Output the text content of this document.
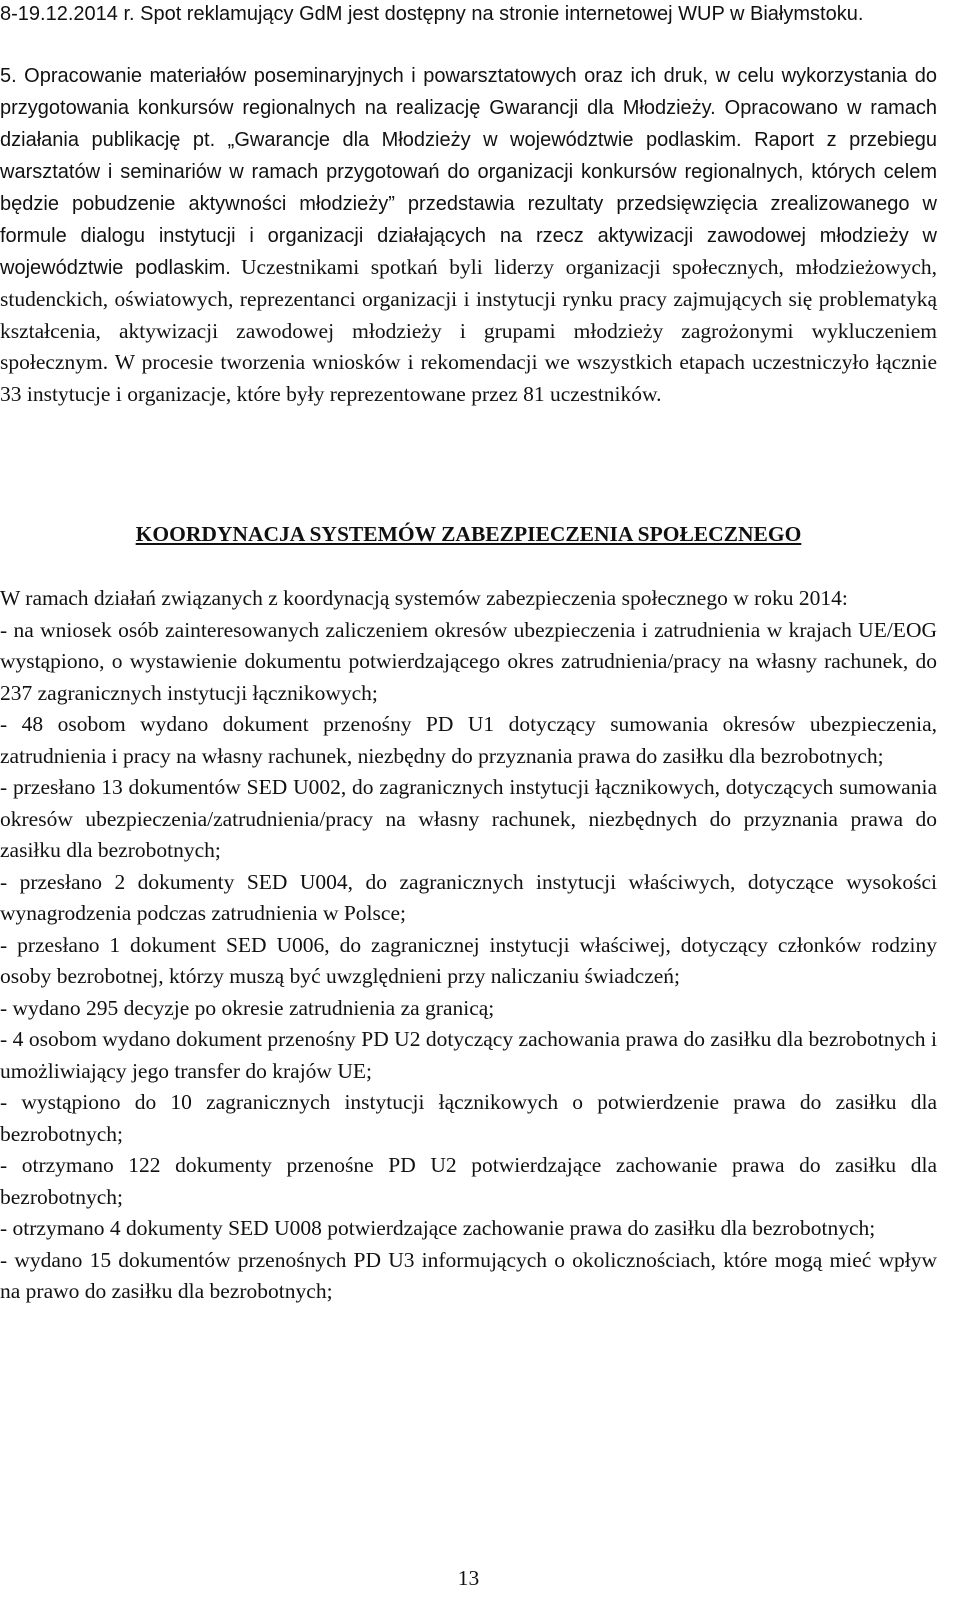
8-19.12.2014 r. Spot reklamujący GdM jest dostępny na stronie internetowej WUP w Białymstoku.

5. Opracowanie materiałów poseminaryjnych i powarsztatowych oraz ich druk, w celu wykorzystania do przygotowania konkursów regionalnych na realizację Gwarancji dla Młodzieży. Opracowano w ramach działania publikację pt. „Gwarancje dla Młodzieży w województwie podlaskim. Raport z przebiegu warsztatów i seminariów w ramach przygotowań do organizacji konkursów regionalnych, których celem będzie pobudzenie aktywności młodzieży” przedstawia rezultaty przedsięwzięcia zrealizowanego w formule dialogu instytucji i organizacji działających na rzecz aktywizacji zawodowej młodzieży w województwie podlaskim. Uczestnikami spotkań byli liderzy organizacji społecznych, młodzieżowych, studenckich, oświatowych, reprezentanci organizacji i instytucji rynku pracy zajmujących się problematyką kształcenia, aktywizacji zawodowej młodzieży i grupami młodzieży zagrożonymi wykluczeniem społecznym. W procesie tworzenia wniosków i rekomendacji we wszystkich etapach uczestniczyło łącznie 33 instytucje i organizacje, które były reprezentowane przez 81 uczestników.

KOORDYNACJA SYSTEMÓW ZABEZPIECZENIA SPOŁECZNEGO

W ramach działań związanych z koordynacją systemów zabezpieczenia społecznego w roku 2014:

- na wniosek osób zainteresowanych zaliczeniem okresów ubezpieczenia i zatrudnienia w krajach UE/EOG wystąpiono, o wystawienie dokumentu potwierdzającego okres zatrudnienia/pracy na własny rachunek, do 237 zagranicznych instytucji łącznikowych;

- 48 osobom wydano dokument przenośny PD U1 dotyczący sumowania okresów ubezpieczenia, zatrudnienia i pracy na własny rachunek, niezbędny do przyznania prawa do zasiłku dla bezrobotnych;

- przesłano 13 dokumentów SED U002, do zagranicznych instytucji łącznikowych, dotyczących sumowania okresów ubezpieczenia/zatrudnienia/pracy na własny rachunek, niezbędnych do przyznania prawa do zasiłku dla bezrobotnych;

- przesłano 2 dokumenty SED U004, do zagranicznych instytucji właściwych, dotyczące wysokości wynagrodzenia podczas zatrudnienia w Polsce;

- przesłano 1 dokument SED U006, do zagranicznej instytucji właściwej, dotyczący członków rodziny osoby bezrobotnej, którzy muszą być uwzględnieni przy naliczaniu świadczeń;

- wydano 295 decyzje po okresie zatrudnienia za granicą;

- 4 osobom wydano dokument przenośny PD U2 dotyczący zachowania prawa do zasiłku dla bezrobotnych i umożliwiający jego transfer do krajów UE;

- wystąpiono do 10 zagranicznych instytucji łącznikowych o potwierdzenie prawa do zasiłku dla bezrobotnych;

- otrzymano 122 dokumenty przenośne PD U2 potwierdzające zachowanie prawa do zasiłku dla bezrobotnych;

- otrzymano 4 dokumenty SED U008 potwierdzające zachowanie prawa do zasiłku dla bezrobotnych;

- wydano 15 dokumentów przenośnych PD U3 informujących o okolicznościach, które mogą mieć wpływ na prawo do zasiłku dla bezrobotnych;

13
